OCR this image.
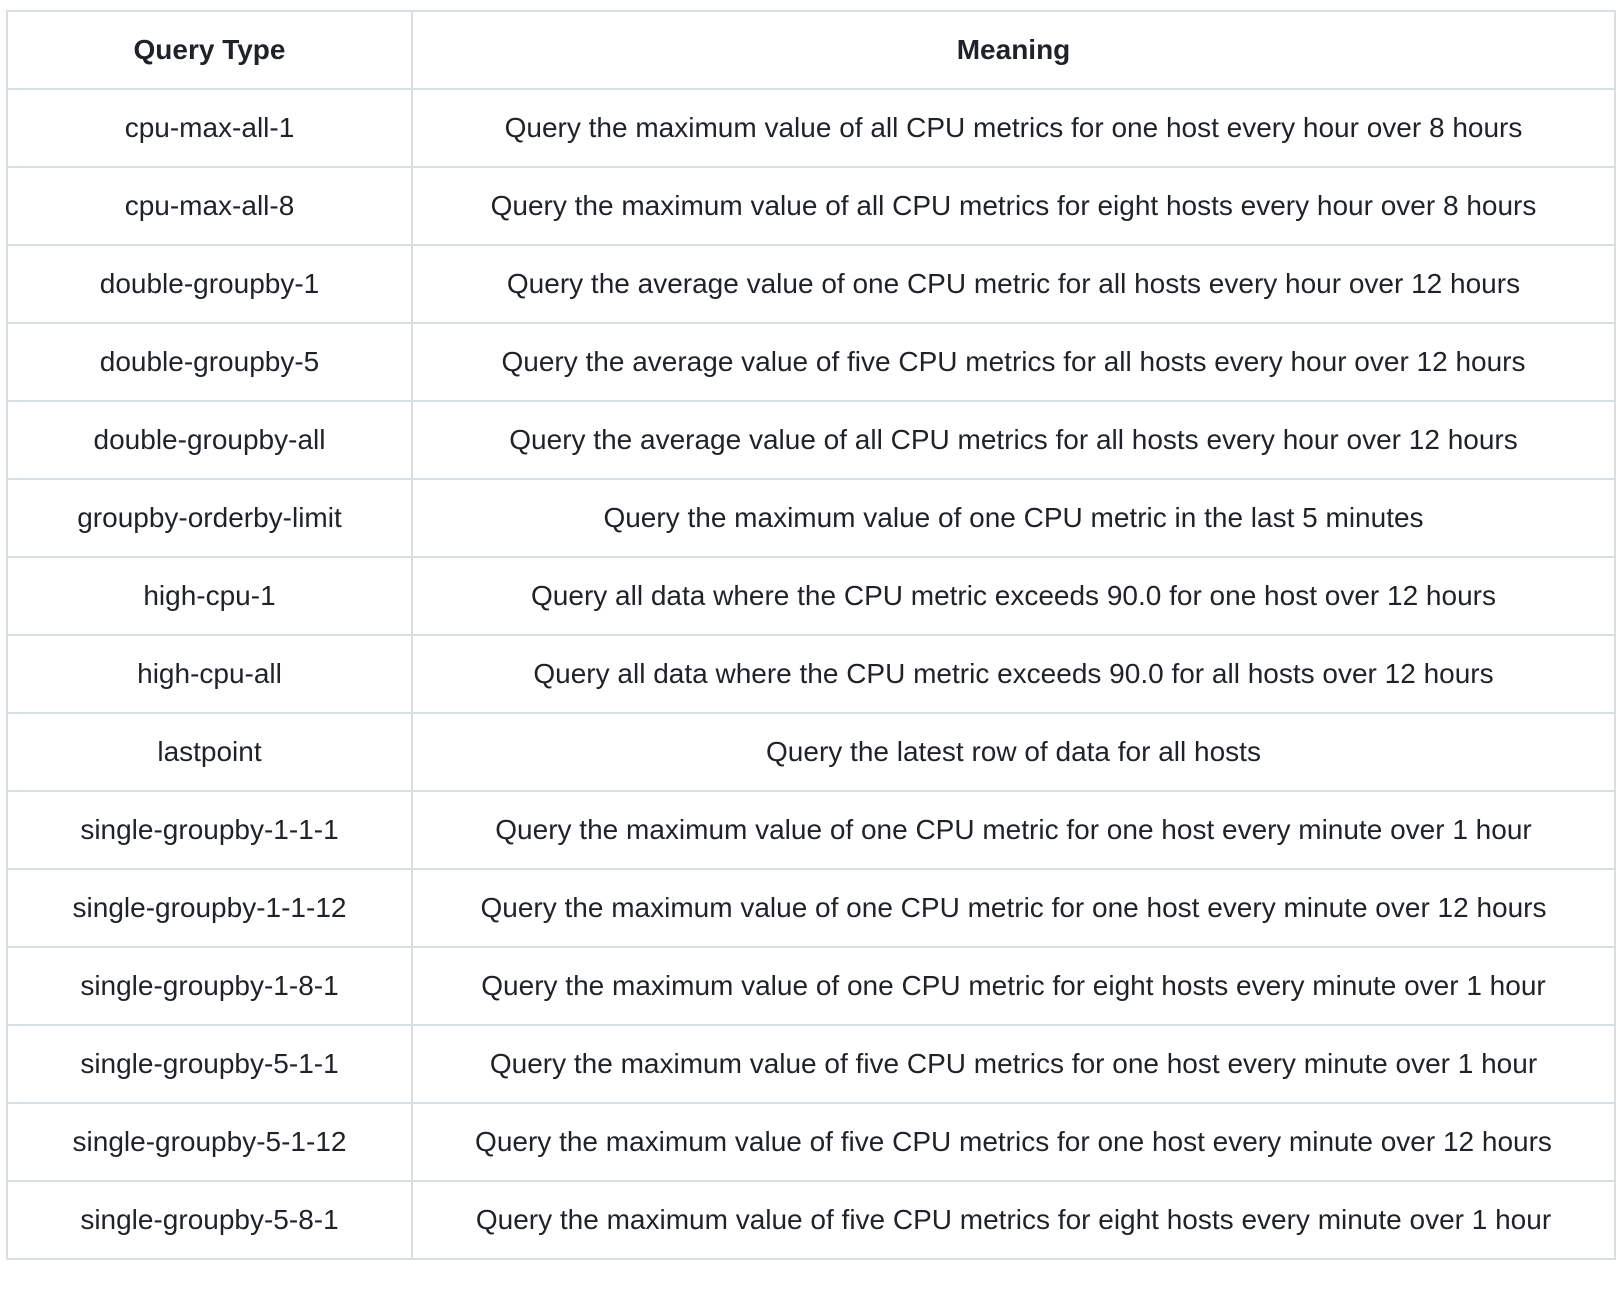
Query Type	Meaning
cpu-max-all-1	Query the maximum value of all CPU metrics for one host every hour over 8 hours
cpu-max-all-8	Query the maximum value of all CPU metrics for eight hosts every hour over 8 hours
double-groupby-1	Query the average value of one CPU metric for all hosts every hour over 12 hours
double-groupby-5	Query the average value of five CPU metrics for all hosts every hour over 12 hours
double-groupby-all	Query the average value of all CPU metrics for all hosts every hour over 12 hours
groupby-orderby-limit	Query the maximum value of one CPU metric in the last 5 minutes
high-cpu-1	Query all data where the CPU metric exceeds 90.0 for one host over 12 hours
high-cpu-all	Query all data where the CPU metric exceeds 90.0 for all hosts over 12 hours
lastpoint	Query the latest row of data for all hosts
single-groupby-1-1-1	Query the maximum value of one CPU metric for one host every minute over 1 hour
single-groupby-1-1-12	Query the maximum value of one CPU metric for one host every minute over 12 hours
single-groupby-1-8-1	Query the maximum value of one CPU metric for eight hosts every minute over 1 hour
single-groupby-5-1-1	Query the maximum value of five CPU metrics for one host every minute over 1 hour
single-groupby-5-1-12	Query the maximum value of five CPU metrics for one host every minute over 12 hours
single-groupby-5-8-1	Query the maximum value of five CPU metrics for eight hosts every minute over 1 hour
